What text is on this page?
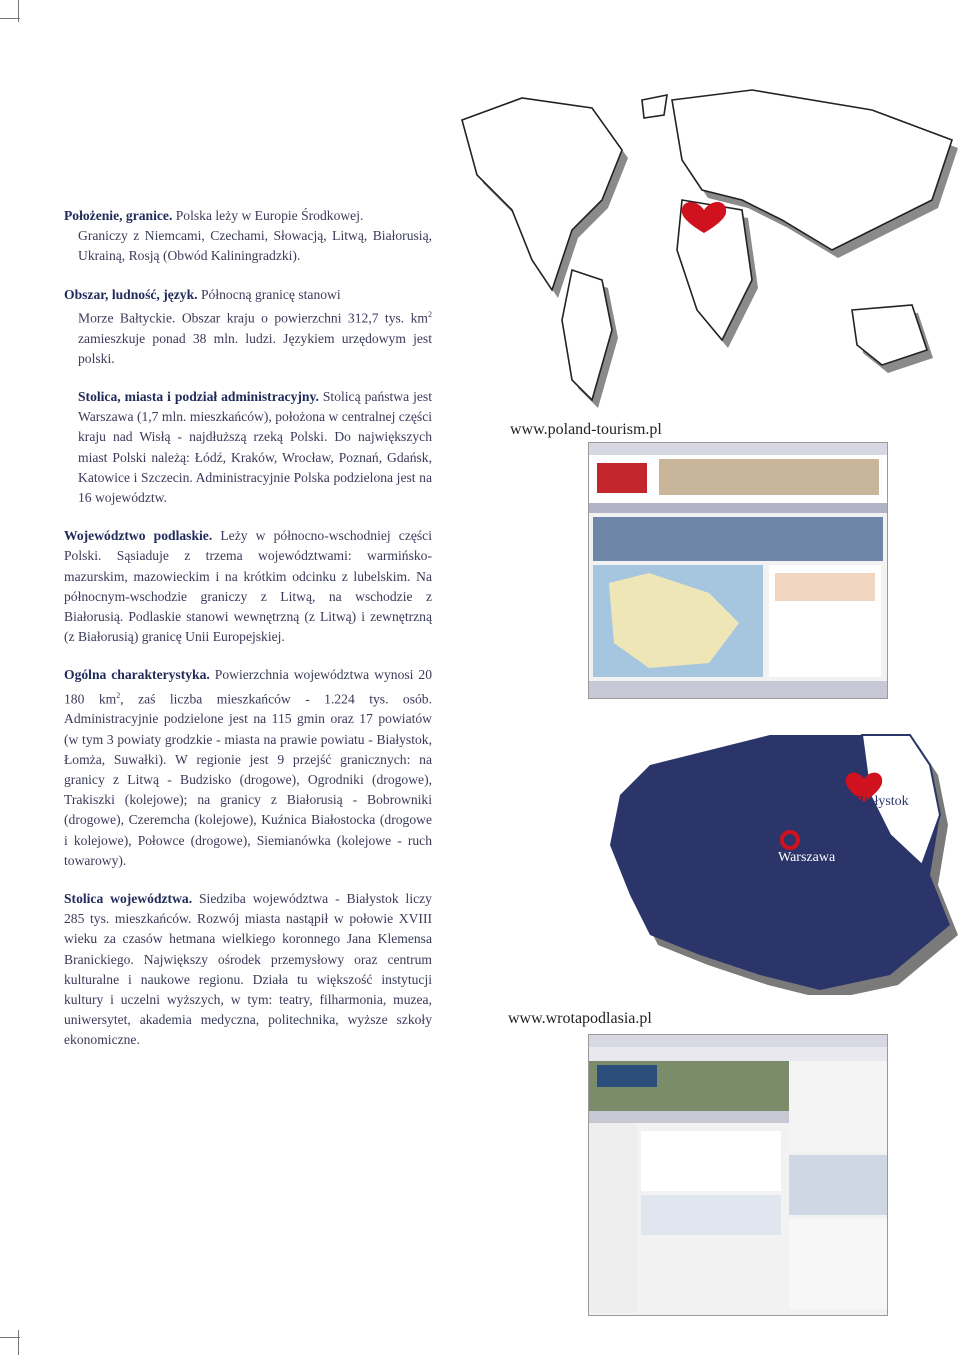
Położenie, granice. Polska leży w Europie Środkowej.
Graniczy z Niemcami, Czechami, Słowacją, Litwą, Białorusią, Ukrainą, Rosją (Obwód Kaliningradzki).
Obszar, ludność, język. Północną granicę stanowi
Morze Bałtyckie. Obszar kraju o powierzchni 312,7 tys. $km^2$ zamieszkuje ponad 38 mln. ludzi. Językiem urzędowym jest polski.
Stolica, miasta i podział administracyjny. Stolicą państwa jest Warszawa (1,7 mln. mieszkańców), położona w centralnej części kraju nad Wisłą - najdłuższą rzeką Polski. Do największych miast Polski należą: Łódź, Kraków, Wrocław, Poznań, Gdańsk, Katowice i Szczecin. Administracyjnie Polska podzielona jest na 16 województw.
Województwo podlaskie. Leży w północno-wschodniej części Polski. Sąsiaduje z trzema województwami: warmińsko-mazurskim, mazowieckim i na krótkim odcinku z lubelskim. Na północnym-wschodzie graniczy z Litwą, na wschodzie z Białorusią. Podlaskie stanowi wewnętrzną (z Litwą) i zewnętrzną (z Białorusią) granicę Unii Europejskiej.
Ogólna charakterystyka. Powierzchnia województwa wynosi 20 180 $km^2$, zaś liczba mieszkańców - 1.224 tys. osób. Administracyjnie podzielone jest na 115 gmin oraz 17 powiatów (w tym 3 powiaty grodzkie - miasta na prawie powiatu - Białystok, Łomża, Suwałki). W regionie jest 9 przejść granicznych: na granicy z Litwą - Budzisko (drogowe), Ogrodniki (drogowe), Trakiszki (kolejowe); na granicy z Białorusią - Bobrowniki (drogowe), Czeremcha (kolejowe), Kuźnica Białostocka (drogowe i kolejowe), Połowce (drogowe), Siemianówka (kolejowe - ruch towarowy).
Stolica województwa. Siedziba województwa - Białystok liczy 285 tys. mieszkańców. Rozwój miasta nastąpił w połowie XVIII wieku za czasów hetmana wielkiego koronnego Jana Klemensa Branickiego. Największy ośrodek przemysłowy oraz centrum kulturalne i naukowe regionu. Działa tu większość instytucji kultury i uczelni wyższych, w tym: teatry, filharmonia, muzea, uniwersytet, akademia medyczna, politechnika, wyższe szkoły ekonomiczne.
www.poland-tourism.pl
Białystok
Warszawa
www.wrotapodlasia.pl
